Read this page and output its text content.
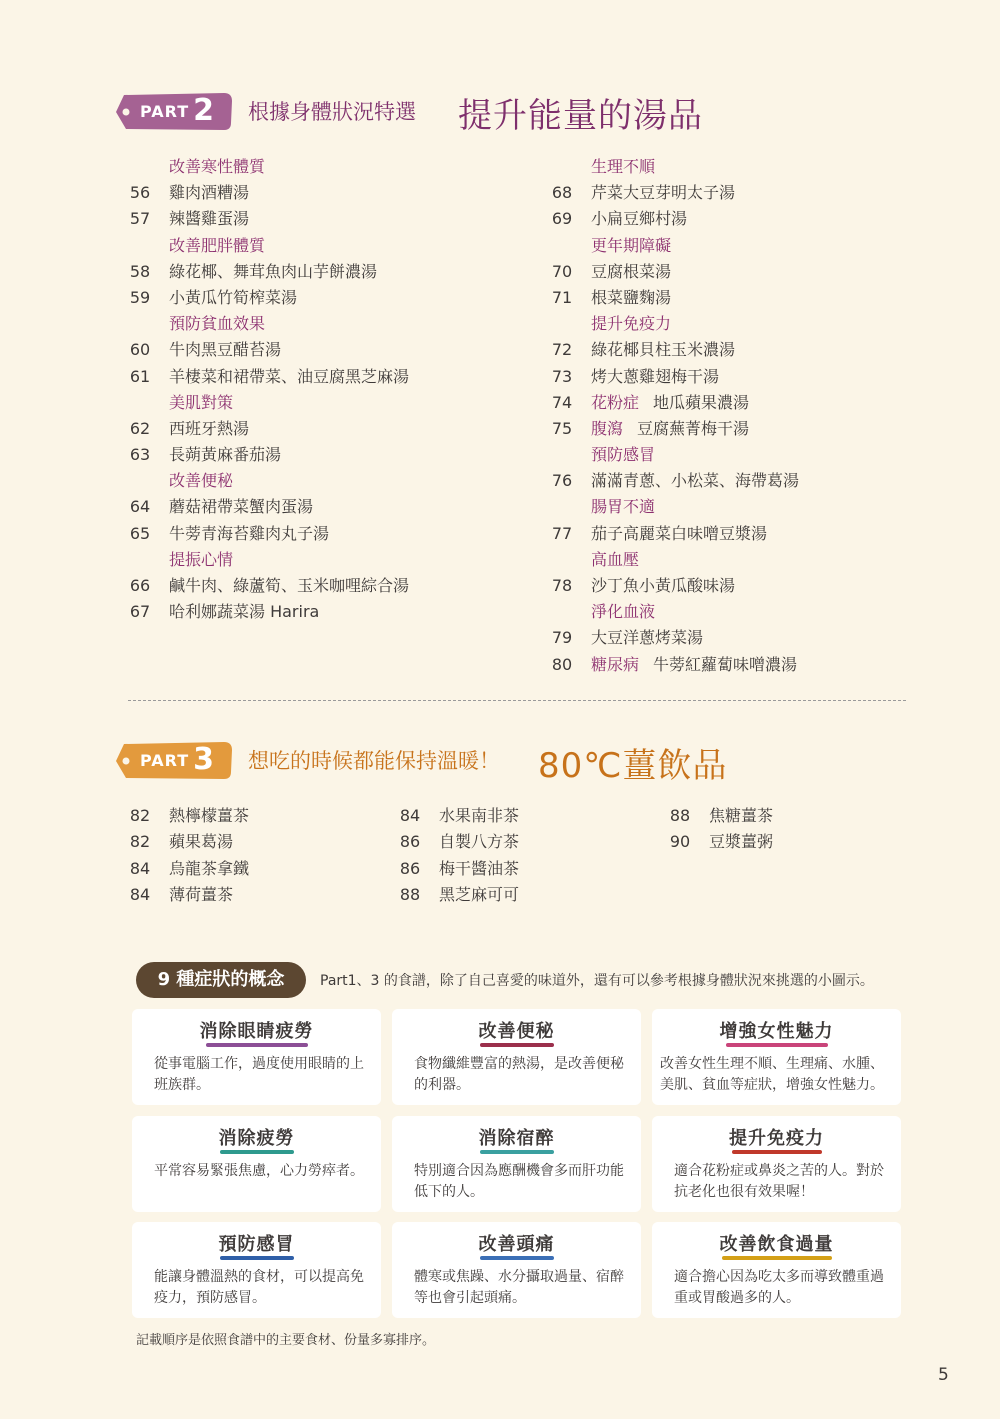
PART 2 根據身體狀況特選 提升能量的湯品
改善寒性體質
56 雞肉酒糟湯
57 辣醬雞蛋湯
改善肥胖體質
58 綠花椰、舞茸魚肉山芋餅濃湯
59 小黃瓜竹筍榨菜湯
預防貧血效果
60 牛肉黑豆醋苔湯
61 羊棲菜和裙帶菜、油豆腐黑芝麻湯
美肌對策
62 西班牙熱湯
63 長蒴黃麻番茄湯
改善便秘
64 蘑菇裙帶菜蟹肉蛋湯
65 牛蒡青海苔雞肉丸子湯
提振心情
66 鹹牛肉、綠蘆筍、玉米咖哩綜合湯
67 哈利娜蔬菜湯 Harira
生理不順
68 芹菜大豆芽明太子湯
69 小扁豆鄉村湯
更年期障礙
70 豆腐根菜湯
71 根菜鹽麴湯
提升免疫力
72 綠花椰貝柱玉米濃湯
73 烤大蔥雞翅梅干湯
74 花粉症 地瓜蘋果濃湯
75 腹瀉 豆腐蕪菁梅干湯
預防感冒
76 滿滿青蔥、小松菜、海帶葛湯
腸胃不適
77 茄子高麗菜白味噌豆漿湯
高血壓
78 沙丁魚小黃瓜酸味湯
淨化血液
79 大豆洋蔥烤菜湯
80 糖尿病 牛蒡紅蘿蔔味噌濃湯
PART 3 想吃的時候都能保持溫暖！ 80℃薑飲品
82 熱檸檬薑茶
82 蘋果葛湯
84 烏龍茶拿鐵
84 薄荷薑茶
84 水果南非茶
86 自製八方茶
86 梅干醬油茶
88 黑芝麻可可
88 焦糖薑茶
90 豆漿薑粥
9 種症狀的概念	Part1、3 的食譜，除了自己喜愛的味道外，還有可以參考根據身體狀況來挑選的小圖示。
消除眼睛疲勞
從事電腦工作，過度使用眼睛的上班族群。
改善便秘
食物纖維豐富的熱湯，是改善便秘的利器。
增強女性魅力
改善女性生理不順、生理痛、水腫、美肌、貧血等症狀，增強女性魅力。
消除疲勞
平常容易緊張焦慮，心力勞瘁者。
消除宿醉
特別適合因為應酬機會多而肝功能低下的人。
提升免疫力
適合花粉症或鼻炎之苦的人。對於抗老化也很有效果喔！
預防感冒
能讓身體溫熱的食材，可以提高免疫力，預防感冒。
改善頭痛
體寒或焦躁、水分攝取過量、宿醉等也會引起頭痛。
改善飲食過量
適合擔心因為吃太多而導致體重過重或胃酸過多的人。
記載順序是依照食譜中的主要食材、份量多寡排序。
5
